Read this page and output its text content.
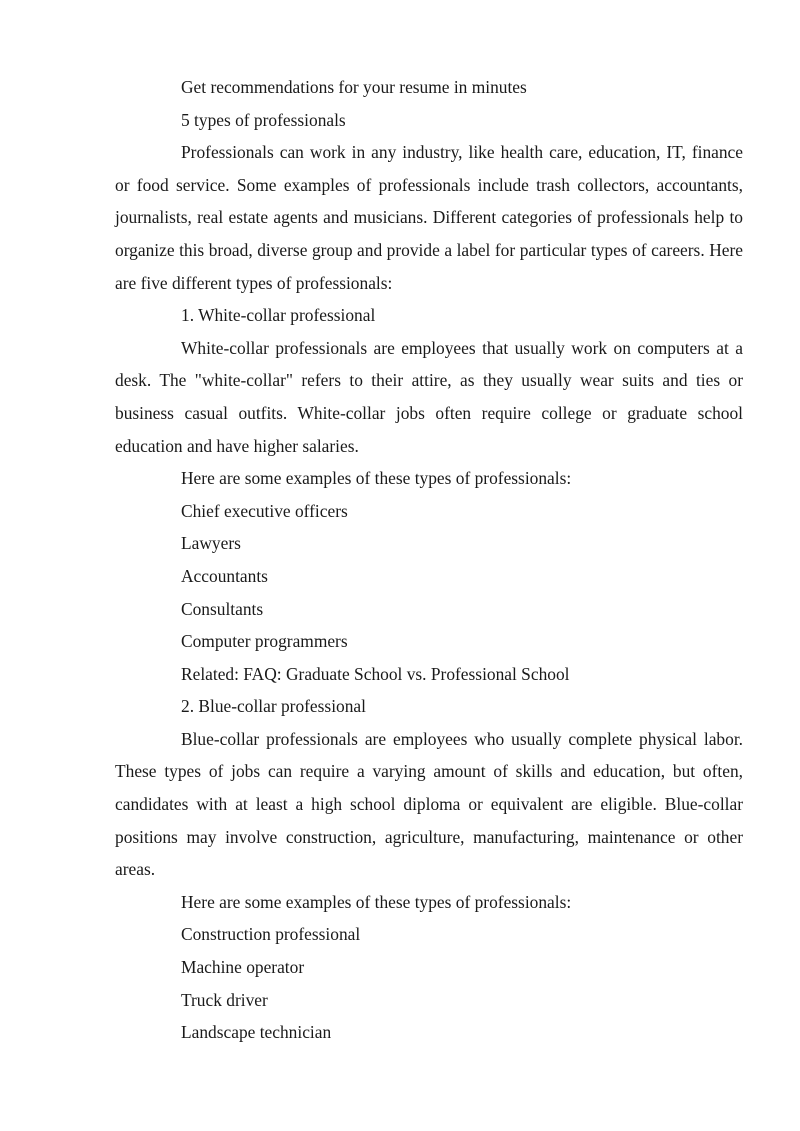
Get recommendations for your resume in minutes

5 types of professionals

Professionals can work in any industry, like health care, education, IT, finance or food service. Some examples of professionals include trash collectors, accountants, journalists, real estate agents and musicians. Different categories of professionals help to organize this broad, diverse group and provide a label for particular types of careers. Here are five different types of professionals:

1. White-collar professional

White-collar professionals are employees that usually work on computers at a desk. The "white-collar" refers to their attire, as they usually wear suits and ties or business casual outfits. White-collar jobs often require college or graduate school education and have higher salaries.

Here are some examples of these types of professionals:

Chief executive officers

Lawyers

Accountants

Consultants

Computer programmers

Related: FAQ: Graduate School vs. Professional School

2. Blue-collar professional

Blue-collar professionals are employees who usually complete physical labor. These types of jobs can require a varying amount of skills and education, but often, candidates with at least a high school diploma or equivalent are eligible. Blue-collar positions may involve construction, agriculture, manufacturing, maintenance or other areas.

Here are some examples of these types of professionals:

Construction professional

Machine operator

Truck driver

Landscape technician
